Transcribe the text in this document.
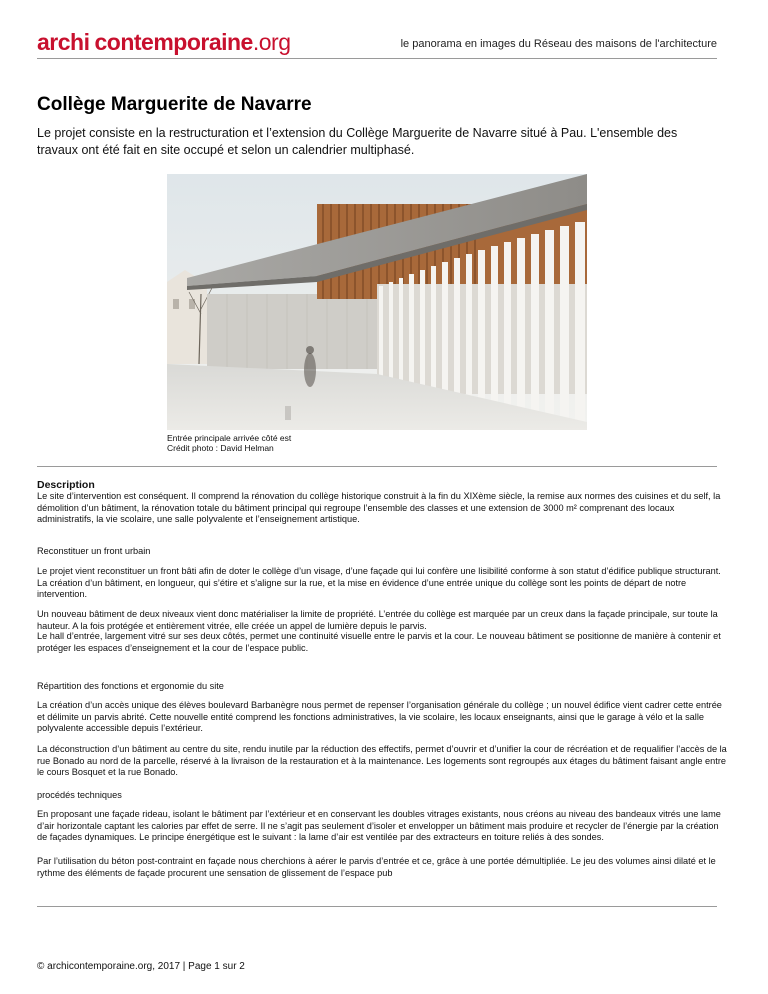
archi contemporaine.org	le panorama en images du Réseau des maisons de l'architecture
Collège Marguerite de Navarre

Le projet consiste en la restructuration et l’extension du Collège Marguerite de Navarre situé à Pau. L'ensemble des travaux ont été fait en site occupé et selon un calendrier multiphasé.

Entrée principale arrivée côté est
Crédit photo : David Helman
Description

Le site d’intervention est conséquent. Il comprend la rénovation du collège historique construit à la fin du XIXème siècle, la remise aux normes des cuisines et du self, la démolition d’un bâtiment, la rénovation totale du bâtiment principal qui regroupe l’ensemble des classes et une extension de 3000 m² comprenant des locaux administratifs, la vie scolaire, une salle polyvalente et l’enseignement artistique.

Reconstituer un front urbain

Le projet vient reconstituer un front bâti afin de doter le collège d’un visage, d’une façade qui lui confère une lisibilité conforme à son statut d’édifice publique structurant. La création d’un bâtiment, en longueur, qui s’étire et s’aligne sur la rue, et la mise en évidence d’une entrée unique du collège sont les points de départ de notre intervention.

Un nouveau bâtiment de deux niveaux vient donc matérialiser la limite de propriété. L’entrée du collège est marquée par un creux dans la façade principale, sur toute la hauteur. A la fois protégée et entièrement vitrée, elle créée un appel de lumière depuis le parvis.

Le hall d’entrée, largement vitré sur ses deux côtés, permet une continuité visuelle entre le parvis et la cour. Le nouveau bâtiment se positionne de manière à contenir et protéger les espaces d’enseignement et la cour de l’espace public.

Répartition des fonctions et ergonomie du site

La création d’un accès unique des élèves boulevard Barbanègre nous permet de repenser l’organisation générale du collège ; un nouvel édifice vient cadrer cette entrée et délimite un parvis abrité. Cette nouvelle entité comprend les fonctions administratives, la vie scolaire, les locaux enseignants, ainsi que le garage à vélo et la salle polyvalente accessible depuis l’extérieur.

La déconstruction d’un bâtiment au centre du site, rendu inutile par la réduction des effectifs, permet d’ouvrir et d’unifier la cour de récréation et de requalifier l’accès de la rue Bonado au nord de la parcelle, réservé à la livraison de la restauration et à la maintenance. Les logements sont regroupés aux étages du bâtiment faisant angle entre le cours Bosquet et la rue Bonado.

procédés techniques

En proposant une façade rideau, isolant le bâtiment par l’extérieur et en conservant les doubles vitrages existants, nous créons au niveau des bandeaux vitrés une lame d’air horizontale captant les calories par effet de serre. Il ne s’agit pas seulement d’isoler et envelopper un bâtiment mais produire et recycler de l’énergie par la création de façades dynamiques. Le principe énergétique est le suivant : la lame d’air est ventilée par des extracteurs en toiture reliés à des sondes.

Par l’utilisation du béton post-contraint en façade nous cherchions à aérer le parvis d’entrée et ce, grâce à une portée démultipliée. Le jeu des volumes ainsi dilaté et le rythme des éléments de façade procurent une sensation de glissement de l’espace pub

© archicontemporaine.org, 2017 | Page 1 sur 2
